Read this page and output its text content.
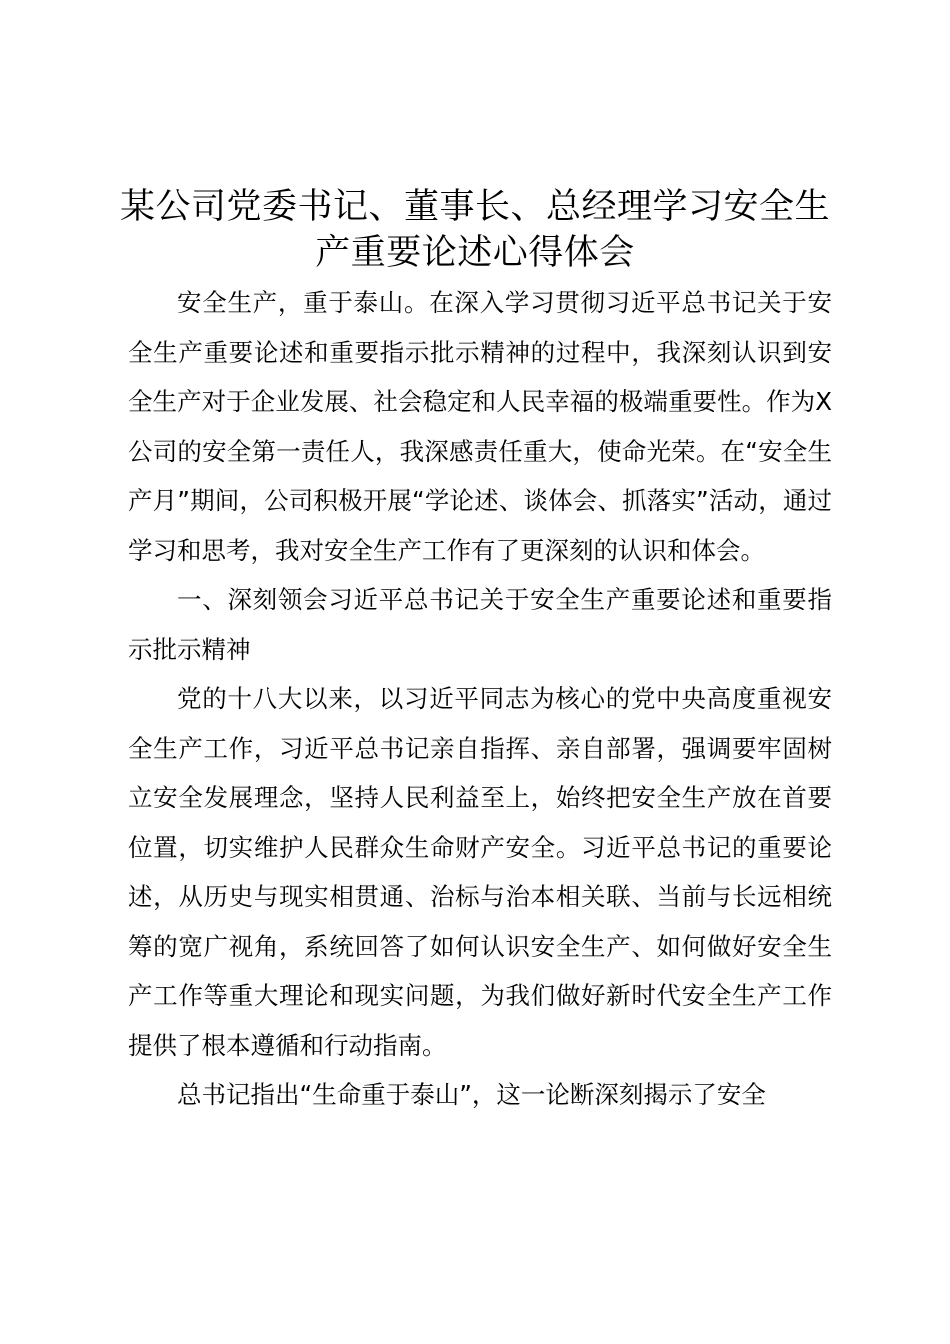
某公司党委书记、董事长、总经理学习安全生产重要论述心得体会

安全生产，重于泰山。在深入学习贯彻习近平总书记关于安全生产重要论述和重要指示批示精神的过程中，我深刻认识到安全生产对于企业发展、社会稳定和人民幸福的极端重要性。作为X公司的安全第一责任人，我深感责任重大，使命光荣。在“安全生产月”期间，公司积极开展“学论述、谈体会、抓落实”活动，通过学习和思考，我对安全生产工作有了更深刻的认识和体会。

一、深刻领会习近平总书记关于安全生产重要论述和重要指示批示精神

党的十八大以来，以习近平同志为核心的党中央高度重视安全生产工作，习近平总书记亲自指挥、亲自部署，强调要牢固树立安全发展理念，坚持人民利益至上，始终把安全生产放在首要位置，切实维护人民群众生命财产安全。习近平总书记的重要论述，从历史与现实相贯通、治标与治本相关联、当前与长远相统筹的宽广视角，系统回答了如何认识安全生产、如何做好安全生产工作等重大理论和现实问题，为我们做好新时代安全生产工作提供了根本遵循和行动指南。

总书记指出“生命重于泰山”，这一论断深刻揭示了安全
